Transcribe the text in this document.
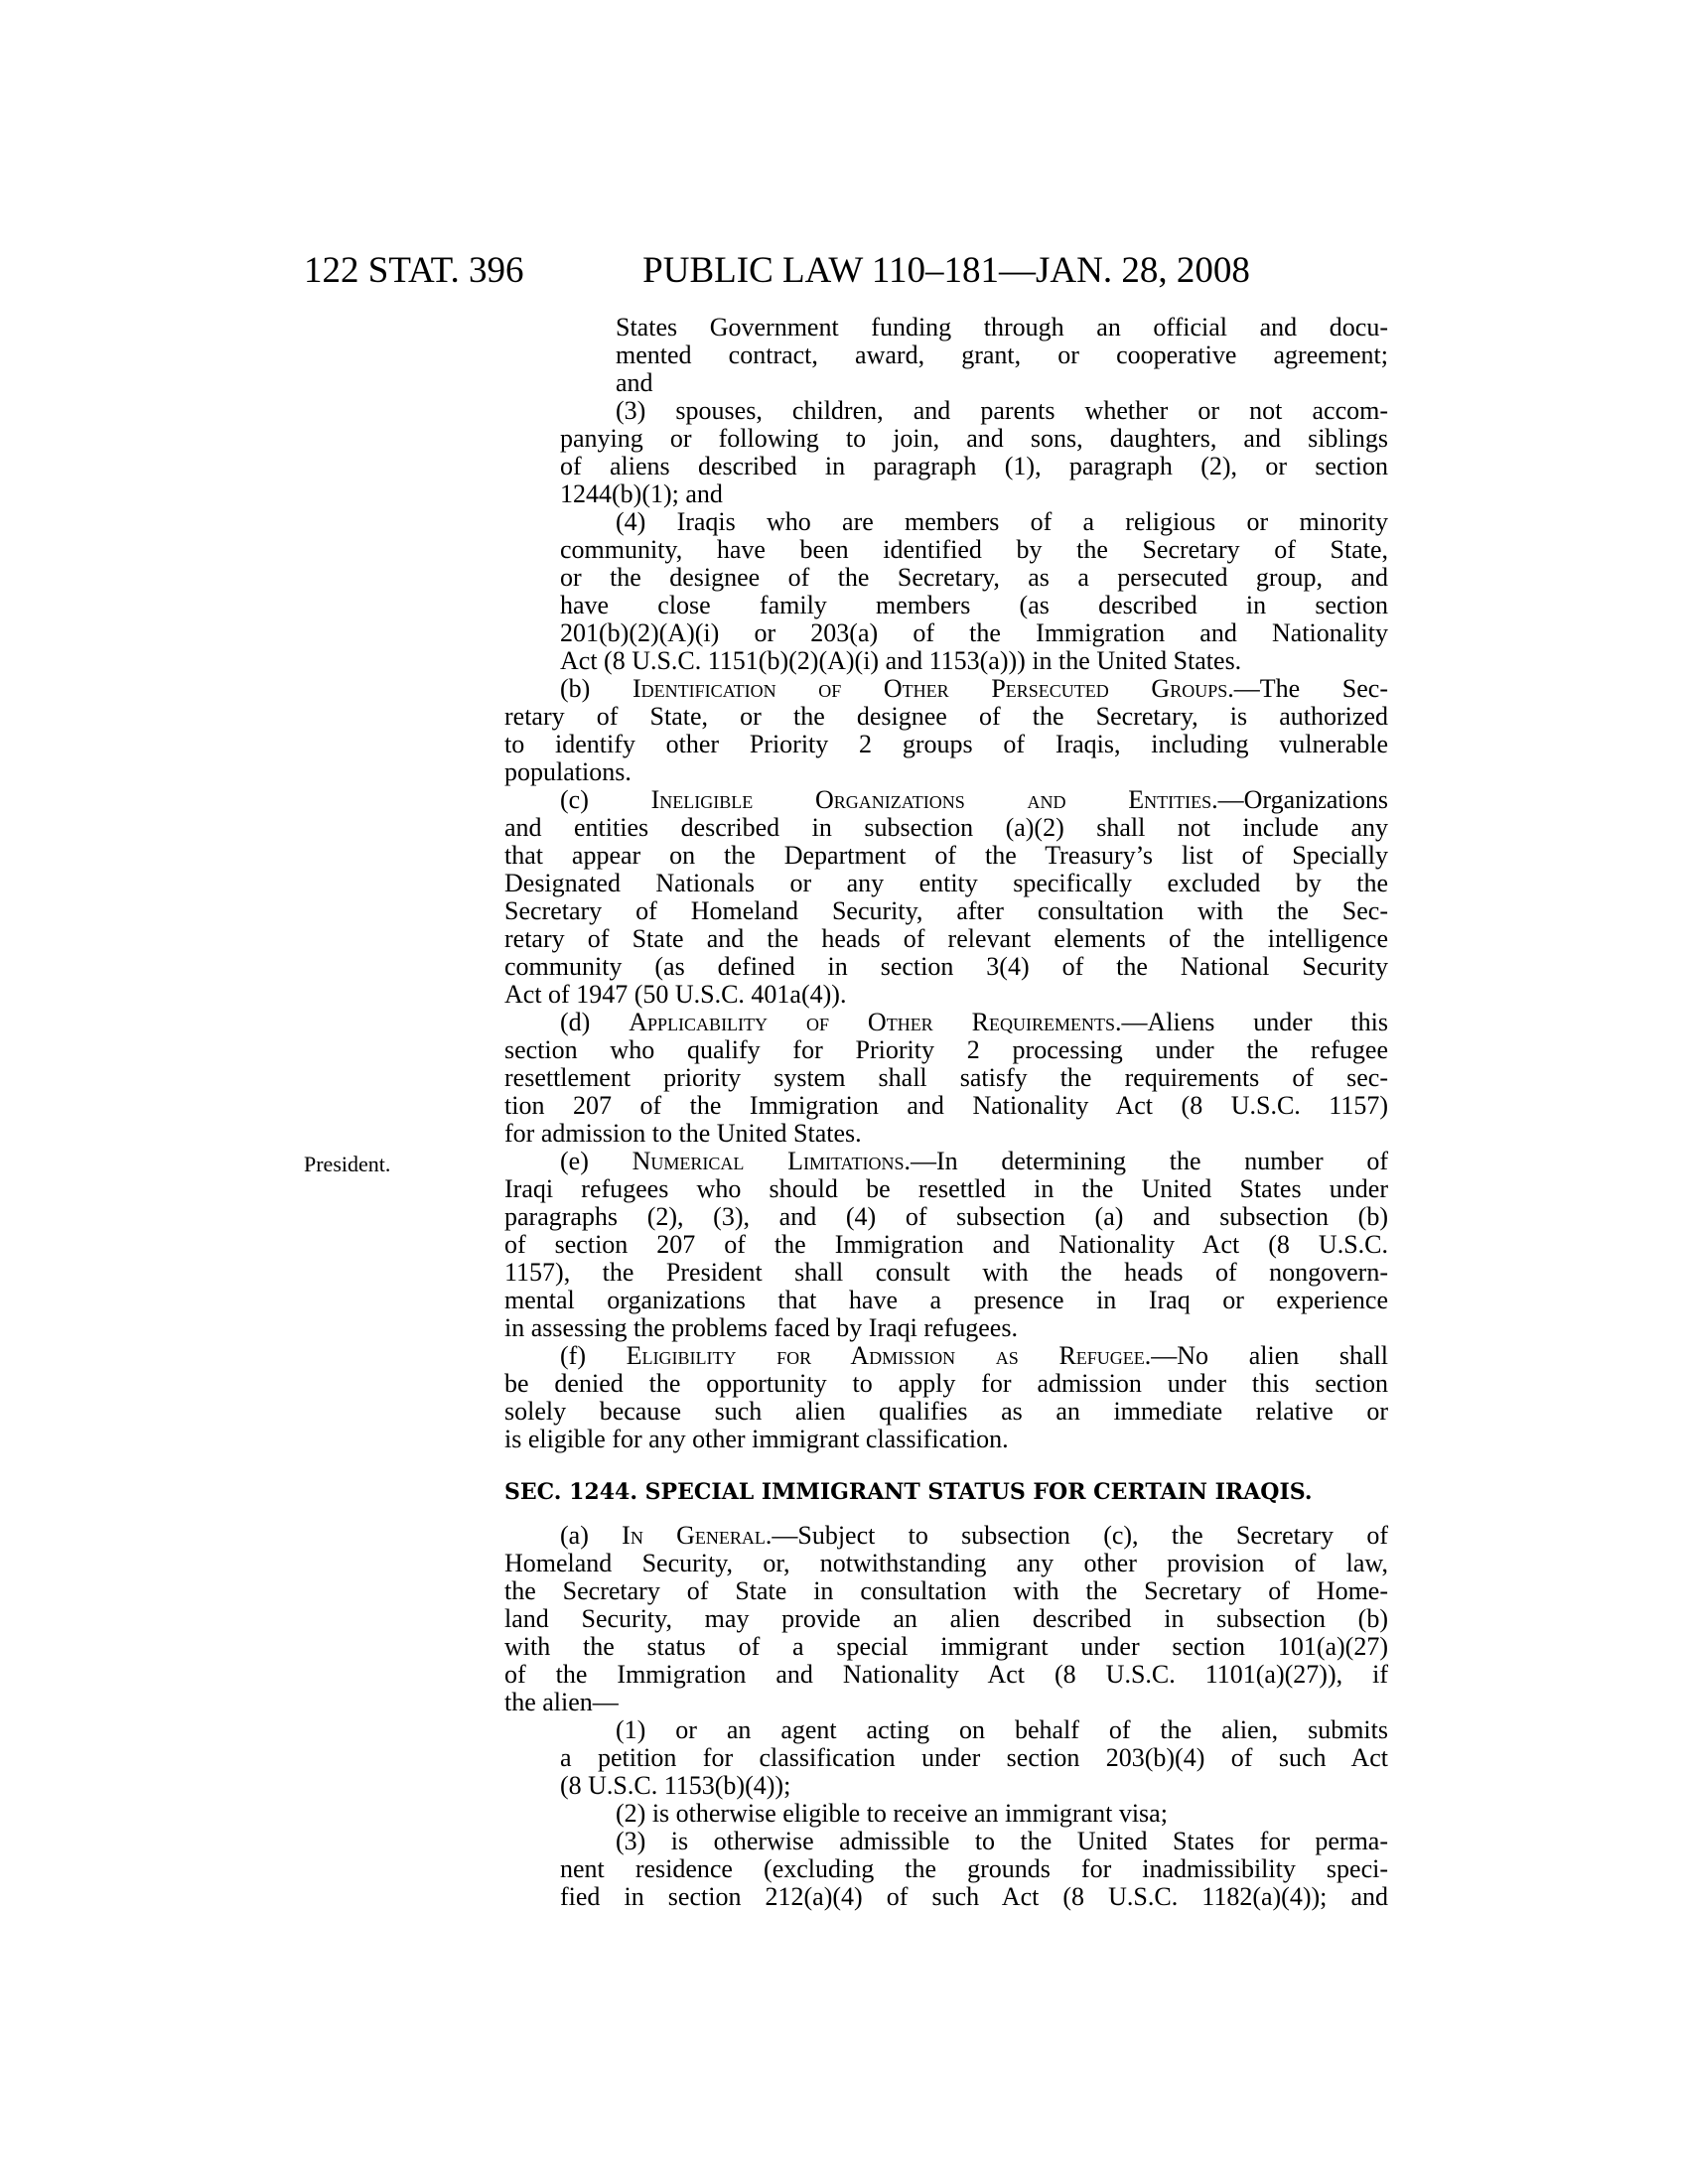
122 STAT. 396	PUBLIC LAW 110–181—JAN. 28, 2008
President.
States Government funding through an official and docu-
mented contract, award, grant, or cooperative agreement;
and
(3) spouses, children, and parents whether or not accom-
panying or following to join, and sons, daughters, and siblings
of aliens described in paragraph (1), paragraph (2), or section
1244(b)(1); and
(4) Iraqis who are members of a religious or minority
community, have been identified by the Secretary of State,
or the designee of the Secretary, as a persecuted group, and
have close family members (as described in section
201(b)(2)(A)(i) or 203(a) of the Immigration and Nationality
Act (8 U.S.C. 1151(b)(2)(A)(i) and 1153(a))) in the United States.
(b) Identification of Other Persecuted Groups.—The Sec-
retary of State, or the designee of the Secretary, is authorized
to identify other Priority 2 groups of Iraqis, including vulnerable
populations.
(c) Ineligible Organizations and Entities.—Organizations
and entities described in subsection (a)(2) shall not include any
that appear on the Department of the Treasury’s list of Specially
Designated Nationals or any entity specifically excluded by the
Secretary of Homeland Security, after consultation with the Sec-
retary of State and the heads of relevant elements of the intelligence
community (as defined in section 3(4) of the National Security
Act of 1947 (50 U.S.C. 401a(4)).
(d) Applicability of Other Requirements.—Aliens under this
section who qualify for Priority 2 processing under the refugee
resettlement priority system shall satisfy the requirements of sec-
tion 207 of the Immigration and Nationality Act (8 U.S.C. 1157)
for admission to the United States.
(e) Numerical Limitations.—In determining the number of
Iraqi refugees who should be resettled in the United States under
paragraphs (2), (3), and (4) of subsection (a) and subsection (b)
of section 207 of the Immigration and Nationality Act (8 U.S.C.
1157), the President shall consult with the heads of nongovern-
mental organizations that have a presence in Iraq or experience
in assessing the problems faced by Iraqi refugees.
(f) Eligibility for Admission as Refugee.—No alien shall
be denied the opportunity to apply for admission under this section
solely because such alien qualifies as an immediate relative or
is eligible for any other immigrant classification.
SEC. 1244. SPECIAL IMMIGRANT STATUS FOR CERTAIN IRAQIS.
(a) In General.—Subject to subsection (c), the Secretary of
Homeland Security, or, notwithstanding any other provision of law,
the Secretary of State in consultation with the Secretary of Home-
land Security, may provide an alien described in subsection (b)
with the status of a special immigrant under section 101(a)(27)
of the Immigration and Nationality Act (8 U.S.C. 1101(a)(27)), if
the alien—
(1) or an agent acting on behalf of the alien, submits
a petition for classification under section 203(b)(4) of such Act
(8 U.S.C. 1153(b)(4));
(2) is otherwise eligible to receive an immigrant visa;
(3) is otherwise admissible to the United States for perma-
nent residence (excluding the grounds for inadmissibility speci-
fied in section 212(a)(4) of such Act (8 U.S.C. 1182(a)(4)); and
